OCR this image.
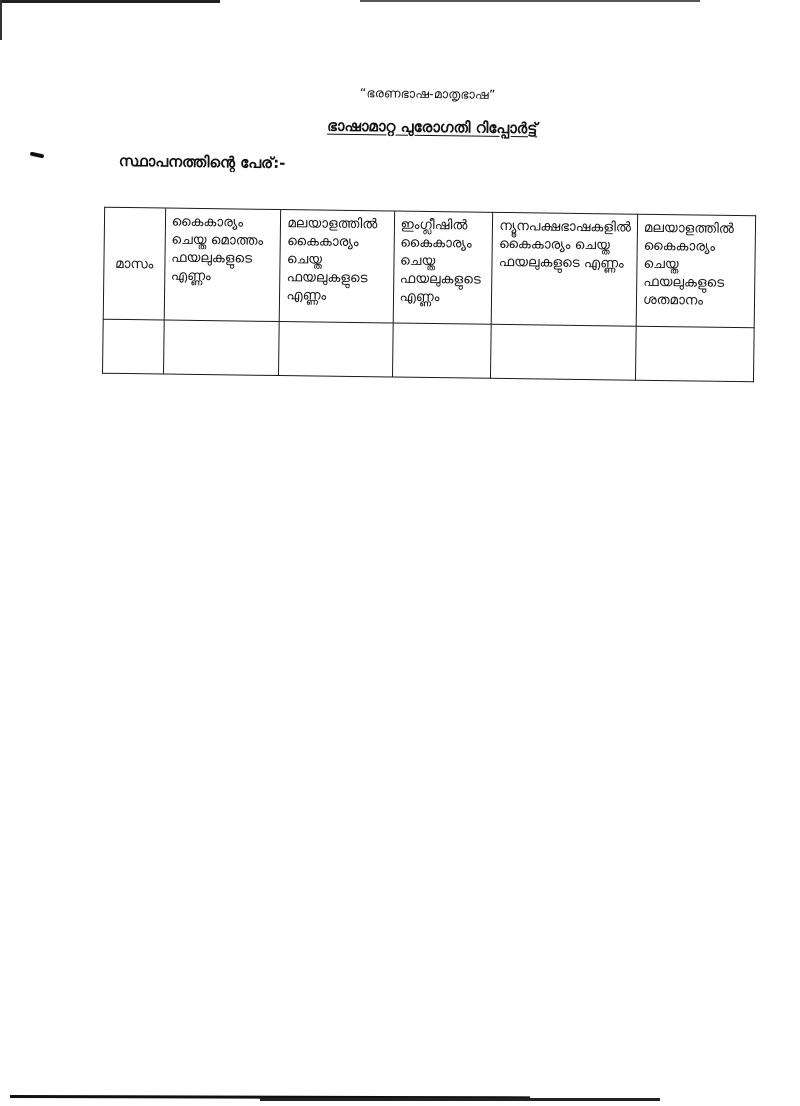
“ഭരണഭാഷ-മാതൃഭാഷ”
ഭാഷാമാറ്റ പുരോഗതി റിപ്പോർട്ട്
സ്ഥാപനത്തിന്റെ പേര്:-
മാസം	കൈകാര്യം ചെയ്ത മൊത്തം ഫയലുകളുടെ എണ്ണം	മലയാളത്തിൽ കൈകാര്യം ചെയ്ത ഫയലുകളുടെ എണ്ണം	ഇംഗ്ലീഷിൽ കൈകാര്യം ചെയ്ത ഫയലുകളുടെ എണ്ണം	ന്യൂനപക്ഷഭാഷകളിൽ കൈകാര്യം ചെയ്ത ഫയലുകളുടെ എണ്ണം	മലയാളത്തിൽ കൈകാര്യം ചെയ്ത ഫയലുകളുടെ ശതമാനം
